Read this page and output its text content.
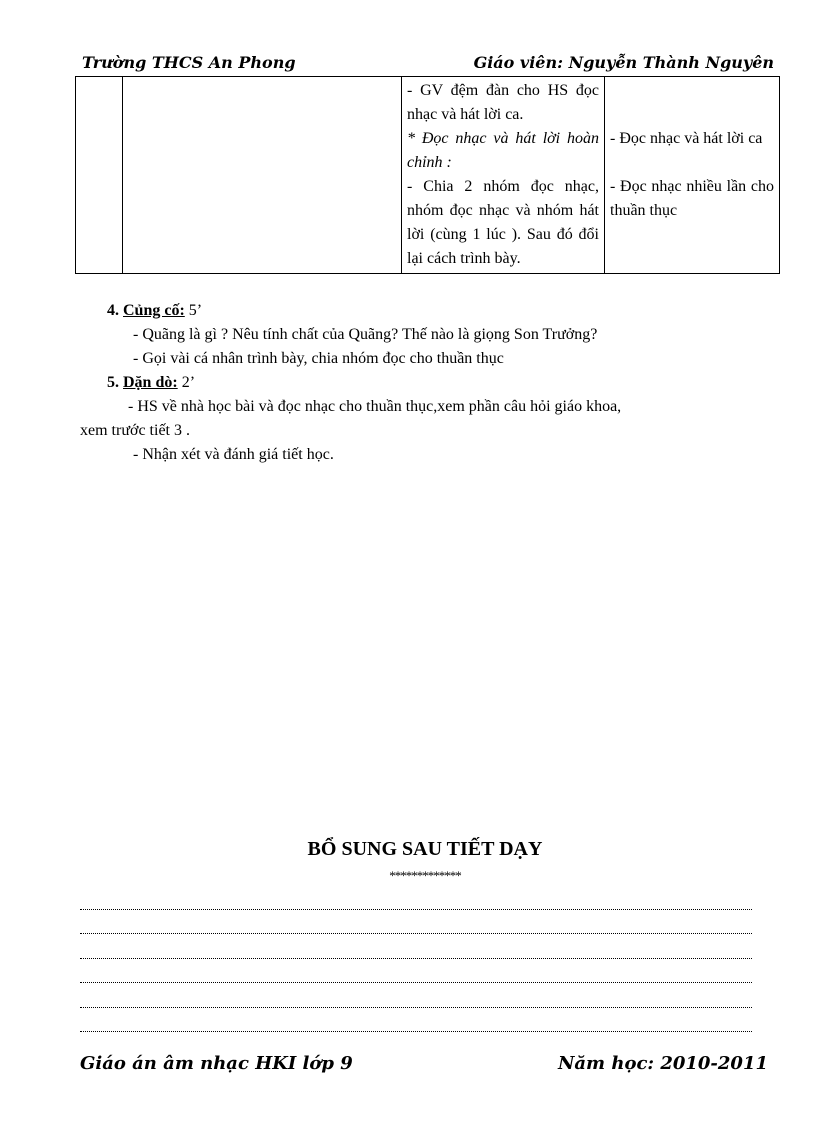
Trường THCS An Phong	Giáo viên: Nguyễn Thành Nguyên

- GV đệm đàn cho HS đọc nhạc và hát lời ca.
* Đọc nhạc và hát lời hoàn chỉnh :
- Chia 2 nhóm đọc nhạc, nhóm đọc nhạc và nhóm hát lời (cùng 1 lúc ). Sau đó đổi lại cách trình bày.

- Đọc nhạc và hát lời ca
- Đọc nhạc nhiều lần cho thuần thục
4. Củng cố: 5’
- Quãng là gì ? Nêu tính chất của Quãng? Thế nào là giọng Son Trưởng?
- Gọi vài cá nhân trình bày, chia nhóm đọc cho thuần thục
5. Dặn dò: 2’
- HS về nhà học bài và đọc nhạc cho thuần thục,xem phần câu hỏi giáo khoa,
xem trước tiết 3 .
- Nhận xét và đánh giá tiết học.
BỔ SUNG SAU TIẾT DẠY
*************
Giáo án âm nhạc HKI lớp 9	Năm học: 2010-2011
